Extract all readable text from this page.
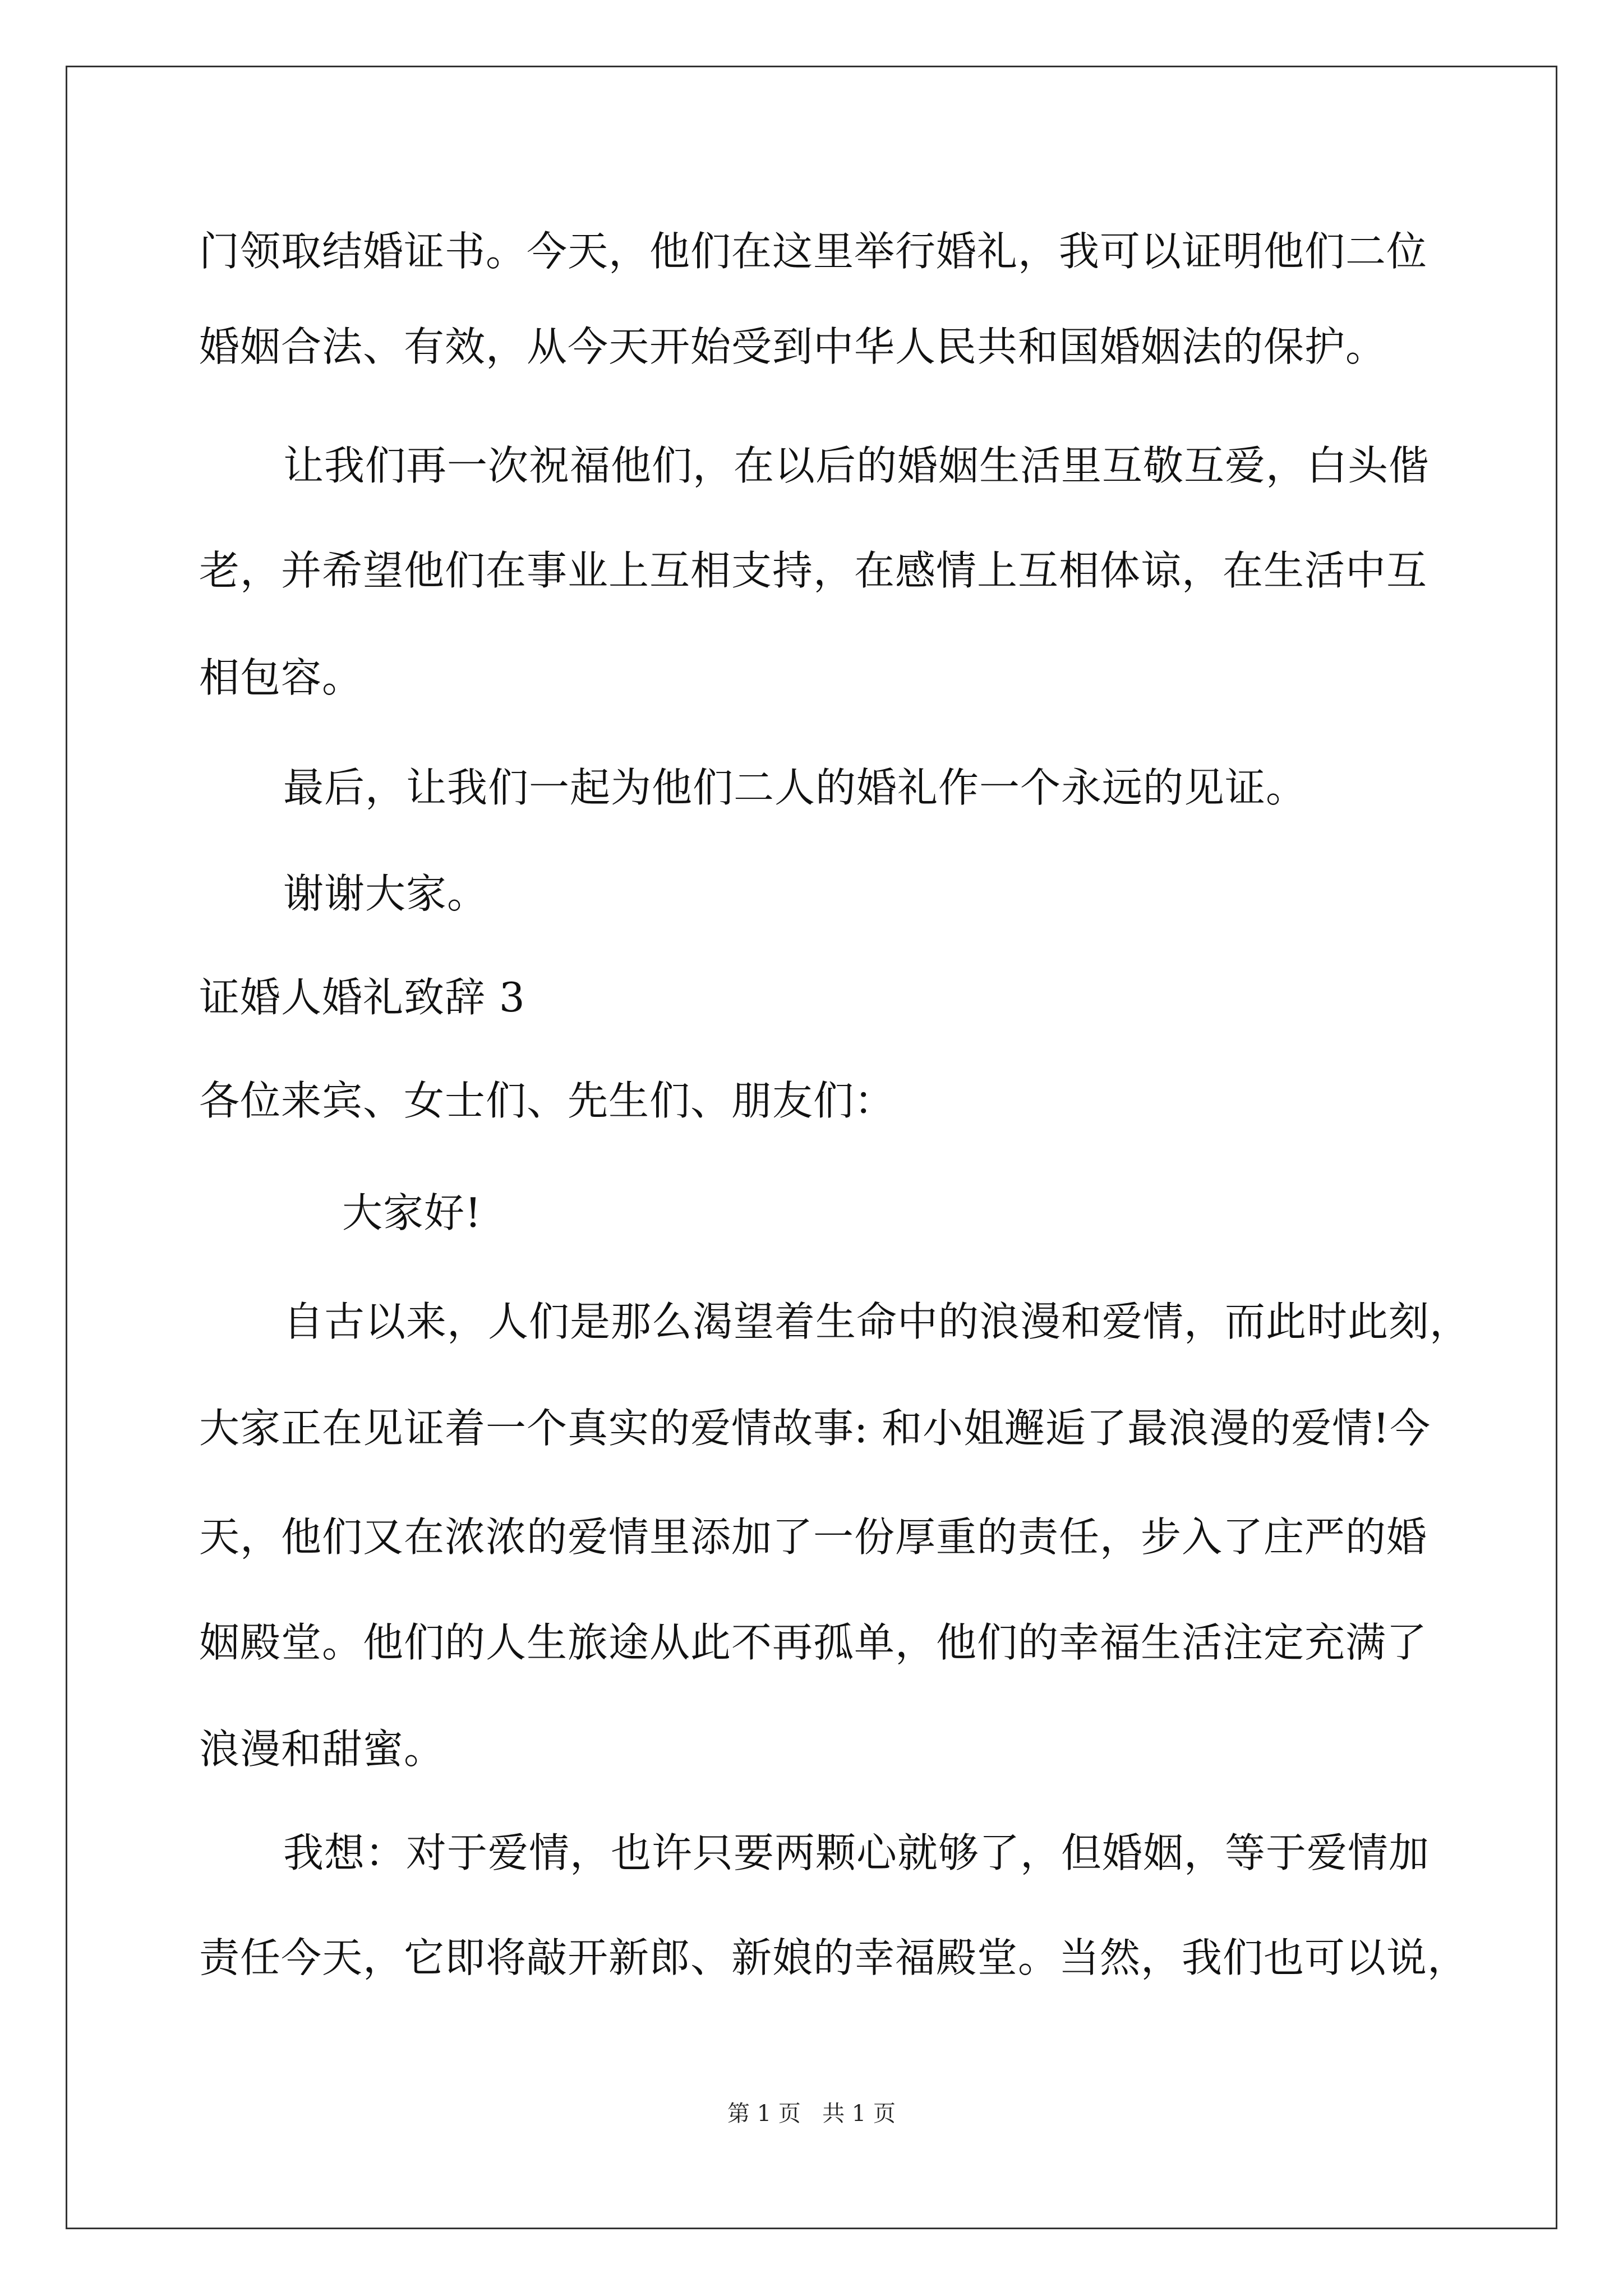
门领取结婚证书。今天，他们在这里举行婚礼，我可以证明他们二位
婚姻合法、有效，从今天开始受到中华人民共和国婚姻法的保护。
让我们再一次祝福他们，在以后的婚姻生活里互敬互爱，白头偕
老，并希望他们在事业上互相支持，在感情上互相体谅，在生活中互
相包容。
最后，让我们一起为他们二人的婚礼作一个永远的见证。
谢谢大家。
证婚人婚礼致辞 3
各位来宾、女士们、先生们、朋友们：
大家好!
自古以来，人们是那么渴望着生命中的浪漫和爱情，而此时此刻，
大家正在见证着一个真实的爱情故事: 和小姐邂逅了最浪漫的爱情!今
天，他们又在浓浓的爱情里添加了一份厚重的责任，步入了庄严的婚
姻殿堂。他们的人生旅途从此不再孤单，他们的幸福生活注定充满了
浪漫和甜蜜。
我想：对于爱情，也许只要两颗心就够了，但婚姻，等于爱情加
责任今天，它即将敲开新郎、新娘的幸福殿堂。当然，我们也可以说，
第 1 页   共 1 页
